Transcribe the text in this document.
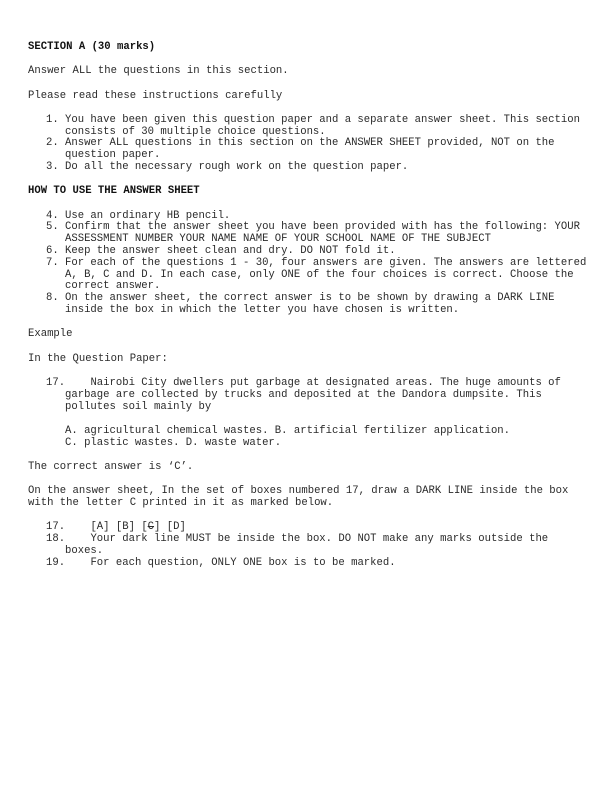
SECTION A (30 marks)

Answer ALL the questions in this section.

Please read these instructions carefully

1. You have been given this question paper and a separate answer sheet. This section consists of 30 multiple choice questions.
2. Answer ALL questions in this section on the ANSWER SHEET provided, NOT on the question paper.
3. Do all the necessary rough work on the question paper.

HOW TO USE THE ANSWER SHEET

4. Use an ordinary HB pencil.
5. Confirm that the answer sheet you have been provided with has the following: YOUR ASSESSMENT NUMBER YOUR NAME NAME OF YOUR SCHOOL NAME OF THE SUBJECT
6. Keep the answer sheet clean and dry. DO NOT fold it.
7. For each of the questions 1 - 30, four answers are given. The answers are lettered A, B, C and D. In each case, only ONE of the four choices is correct. Choose the correct answer.
8. On the answer sheet, the correct answer is to be shown by drawing a DARK LINE inside the box in which the letter you have chosen is written.

Example

In the Question Paper:

17. Nairobi City dwellers put garbage at designated areas. The huge amounts of garbage are collected by trucks and deposited at the Dandora dumpsite. This pollutes soil mainly by
A. agricultural chemical wastes. B. artificial fertilizer application.
C. plastic wastes. D. waste water.

The correct answer is ‘C’.

On the answer sheet, In the set of boxes numbered 17, draw a DARK LINE inside the box with the letter C printed in it as marked below.

17. [A] [B] [C] [D]
18. Your dark line MUST be inside the box. DO NOT make any marks outside the boxes.
19. For each question, ONLY ONE box is to be marked.
